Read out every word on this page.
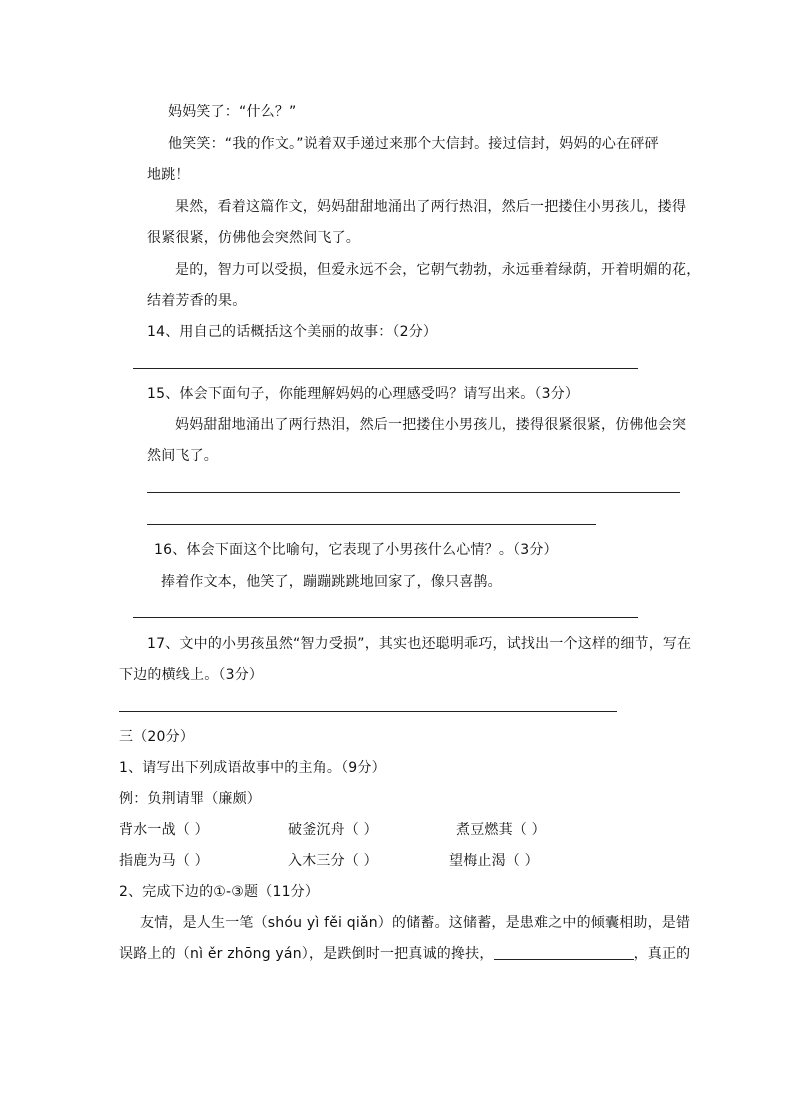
妈妈笑了：“什么？”
他笑笑：“我的作文。”说着双手递过来那个大信封。接过信封，妈妈的心在砰砰
地跳！
果然，看着这篇作文，妈妈甜甜地涌出了两行热泪，然后一把搂住小男孩儿，搂得
很紧很紧，仿佛他会突然间飞了。
是的，智力可以受损，但爱永远不会，它朝气勃勃，永远垂着绿荫，开着明媚的花，
结着芳香的果。
14、用自己的话概括这个美丽的故事：（2分）
15、体会下面句子，你能理解妈妈的心理感受吗？请写出来。（3分）
妈妈甜甜地涌出了两行热泪，然后一把搂住小男孩儿，搂得很紧很紧，仿佛他会突
然间飞了。
16、体会下面这个比喻句，它表现了小男孩什么心情？。（3分）
捧着作文本，他笑了，蹦蹦跳跳地回家了，像只喜鹊。
17、文中的小男孩虽然“智力受损”，其实也还聪明乖巧，试找出一个这样的细节，写在
下边的横线上。（3分）
三（20分）
1、请写出下列成语故事中的主角。（9分）
例：负荆请罪（廉颇）
背水一战（ ）	破釜沉舟（ ）	煮豆燃萁（ ）
指鹿为马（ ）	入木三分（ ）	望梅止渴（ ）
2、完成下边的①-③题（11分）
友情，是人生一笔（shóu yì fěi qiǎn）的储蓄。这储蓄，是患难之中的倾囊相助，是错
误路上的（nì ěr zhōng yán），是跌倒时一把真诚的搀扶，	，真正的
